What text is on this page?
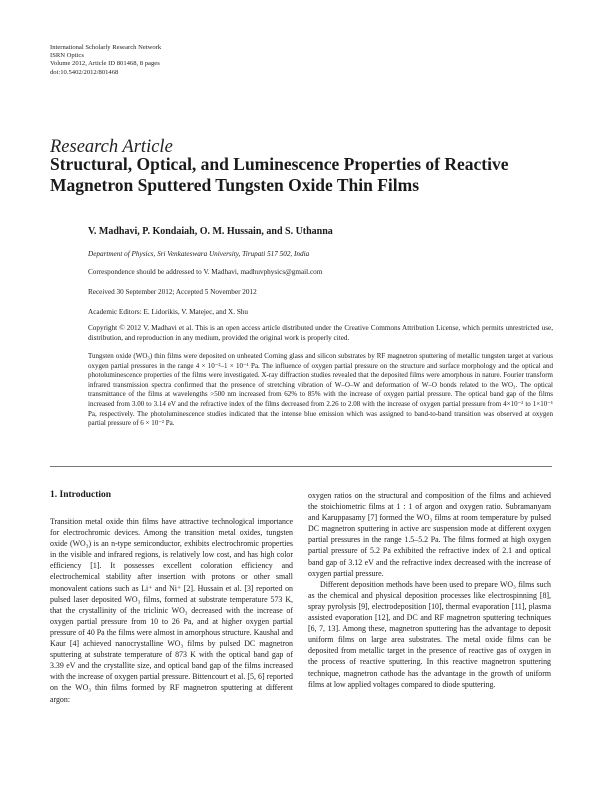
International Scholarly Research Network
ISRN Optics
Volume 2012, Article ID 801468, 8 pages
doi:10.5402/2012/801468
Research Article
Structural, Optical, and Luminescence Properties of Reactive Magnetron Sputtered Tungsten Oxide Thin Films
V. Madhavi, P. Kondaiah, O. M. Hussain, and S. Uthanna
Department of Physics, Sri Venkateswara University, Tirupati 517 502, India
Correspondence should be addressed to V. Madhavi, madhuvphysics@gmail.com
Received 30 September 2012; Accepted 5 November 2012
Academic Editors: E. Lidorikis, V. Matejec, and X. Shu
Copyright © 2012 V. Madhavi et al. This is an open access article distributed under the Creative Commons Attribution License, which permits unrestricted use, distribution, and reproduction in any medium, provided the original work is properly cited.
Tungsten oxide (WO₃) thin films were deposited on unheated Corning glass and silicon substrates by RF magnetron sputtering of metallic tungsten target at various oxygen partial pressures in the range 4 × 10⁻²–1 × 10⁻¹ Pa. The influence of oxygen partial pressure on the structure and surface morphology and the optical and photoluminescence properties of the films were investigated. X-ray diffraction studies revealed that the deposited films were amorphous in nature. Fourier transform infrared transmission spectra confirmed that the presence of stretching vibration of W–O–W and deformation of W–O bonds related to the WO₃. The optical transmittance of the films at wavelengths >500 nm increased from 62% to 85% with the increase of oxygen partial pressure. The optical band gap of the films increased from 3.00 to 3.14 eV and the refractive index of the films decreased from 2.26 to 2.08 with the increase of oxygen partial pressure from 4×10⁻² to 1×10⁻¹ Pa, respectively. The photoluminescence studies indicated that the intense blue emission which was assigned to band-to-band transition was observed at oxygen partial pressure of 6 × 10⁻² Pa.
1. Introduction

Transition metal oxide thin films have attractive technological importance for electrochromic devices. Among the transition metal oxides, tungsten oxide (WO₃) is an n-type semiconductor, exhibits electrochromic properties in the visible and infrared regions, is relatively low cost, and has high color efficiency [1]. It possesses excellent coloration efficiency and electrochemical stability after insertion with protons or other small monovalent cations such as Li⁺ and Ni⁺ [2]. Hussain et al. [3] reported on pulsed laser deposited WO₃ films, formed at substrate temperature 573 K, that the crystallinity of the triclinic WO₃ decreased with the increase of oxygen partial pressure from 10 to 26 Pa, and at higher oxygen partial pressure of 40 Pa the films were almost in amorphous structure. Kaushal and Kaur [4] achieved nanocrystalline WO₃ films by pulsed DC magnetron sputtering at substrate temperature of 873 K with the optical band gap of 3.39 eV and the crystallite size, and optical band gap of the films increased with the increase of oxygen partial pressure. Bittencourt et al. [5, 6] reported on the WO₃ thin films formed by RF magnetron sputtering at different argon:

oxygen ratios on the structural and composition of the films and achieved the stoichiometric films at 1 : 1 of argon and oxygen ratio. Subramanyam and Karuppasamy [7] formed the WO₃ films at room temperature by pulsed DC magnetron sputtering in active arc suspension mode at different oxygen partial pressures in the range 1.5–5.2 Pa. The films formed at high oxygen partial pressure of 5.2 Pa exhibited the refractive index of 2.1 and optical band gap of 3.12 eV and the refractive index decreased with the increase of oxygen partial pressure.

Different deposition methods have been used to prepare WO₃ films such as the chemical and physical deposition processes like electrospinning [8], spray pyrolysis [9], electrodeposition [10], thermal evaporation [11], plasma assisted evaporation [12], and DC and RF magnetron sputtering techniques [6, 7, 13]. Among these, magnetron sputtering has the advantage to deposit uniform films on large area substrates. The metal oxide films can be deposited from metallic target in the presence of reactive gas of oxygen in the process of reactive sputtering. In this reactive magnetron sputtering technique, magnetron cathode has the advantage in the growth of uniform films at low applied voltages compared to diode sputtering.
